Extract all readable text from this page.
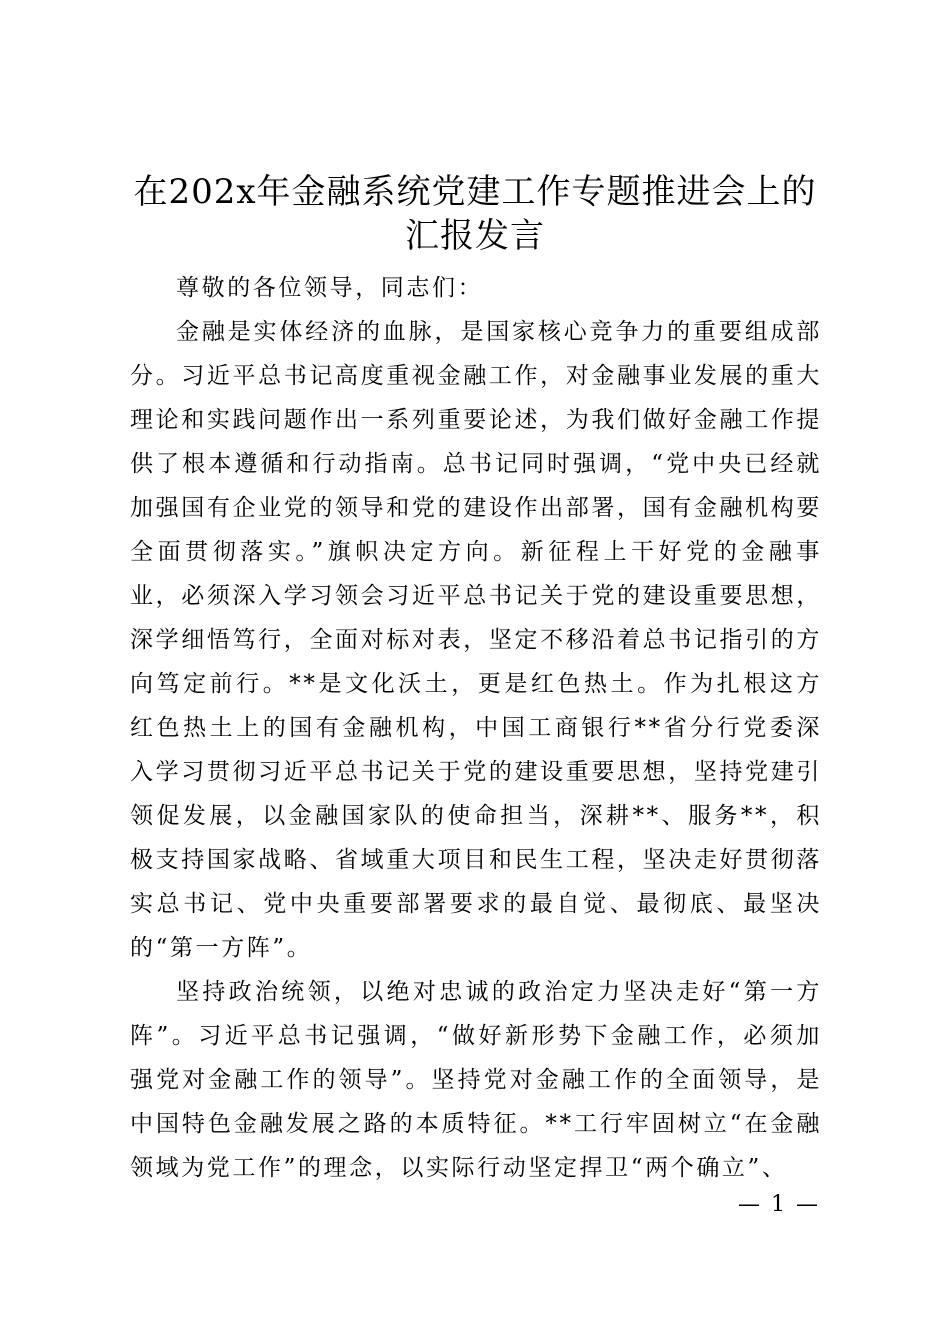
在202x年金融系统党建工作专题推进会上的
汇报发言

尊敬的各位领导，同志们：

金融是实体经济的血脉，是国家核心竞争力的重要组成部分。习近平总书记高度重视金融工作，对金融事业发展的重大理论和实践问题作出一系列重要论述，为我们做好金融工作提供了根本遵循和行动指南。总书记同时强调，“党中央已经就加强国有企业党的领导和党的建设作出部署，国有金融机构要全面贯彻落实。”旗帜决定方向。新征程上干好党的金融事业，必须深入学习领会习近平总书记关于党的建设重要思想，深学细悟笃行，全面对标对表，坚定不移沿着总书记指引的方向笃定前行。**是文化沃土，更是红色热土。作为扎根这方红色热土上的国有金融机构，中国工商银行**省分行党委深入学习贯彻习近平总书记关于党的建设重要思想，坚持党建引领促发展，以金融国家队的使命担当，深耕**、服务**，积极支持国家战略、省域重大项目和民生工程，坚决走好贯彻落实总书记、党中央重要部署要求的最自觉、最彻底、最坚决的“第一方阵”。

坚持政治统领，以绝对忠诚的政治定力坚决走好“第一方阵”。习近平总书记强调，“做好新形势下金融工作，必须加强党对金融工作的领导”。坚持党对金融工作的全面领导，是中国特色金融发展之路的本质特征。**工行牢固树立“在金融领域为党工作”的理念，以实际行动坚定捍卫“两个确立”、

— 1 —
